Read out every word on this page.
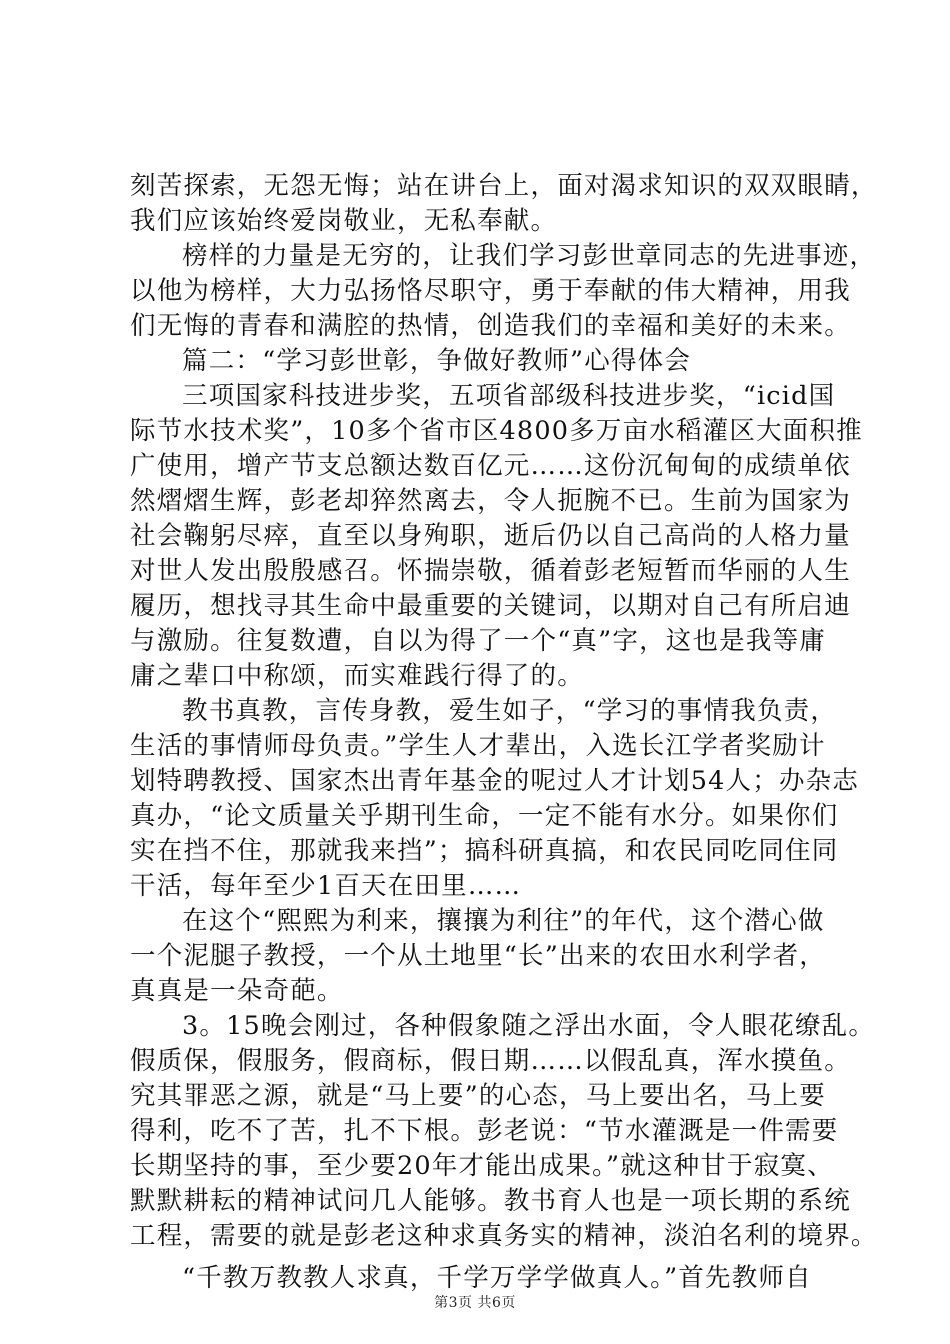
刻苦探索，无怨无悔；站在讲台上，面对渴求知识的双双眼睛，
我们应该始终爱岗敬业，无私奉献。
榜样的力量是无穷的，让我们学习彭世章同志的先进事迹，
以他为榜样，大力弘扬恪尽职守，勇于奉献的伟大精神，用我
们无悔的青春和满腔的热情，创造我们的幸福和美好的未来。
篇二：“学习彭世彰，争做好教师”心得体会
三项国家科技进步奖，五项省部级科技进步奖，“icid国
际节水技术奖”，10多个省市区4800多万亩水稻灌区大面积推
广使用，增产节支总额达数百亿元……这份沉甸甸的成绩单依
然熠熠生辉，彭老却猝然离去，令人扼腕不已。生前为国家为
社会鞠躬尽瘁，直至以身殉职，逝后仍以自己高尚的人格力量
对世人发出殷殷感召。怀揣崇敬，循着彭老短暂而华丽的人生
履历，想找寻其生命中最重要的关键词，以期对自己有所启迪
与激励。往复数遭，自以为得了一个“真”字，这也是我等庸
庸之辈口中称颂，而实难践行得了的。
教书真教，言传身教，爱生如子，“学习的事情我负责，
生活的事情师母负责。”学生人才辈出，入选长江学者奖励计
划特聘教授、国家杰出青年基金的呢过人才计划54人；办杂志
真办，“论文质量关乎期刊生命，一定不能有水分。如果你们
实在挡不住，那就我来挡”；搞科研真搞，和农民同吃同住同
干活，每年至少1百天在田里……
在这个“熙熙为利来，攘攘为利往”的年代，这个潜心做
一个泥腿子教授，一个从土地里“长”出来的农田水利学者，
真真是一朵奇葩。
3。15晚会刚过，各种假象随之浮出水面，令人眼花缭乱。
假质保，假服务，假商标，假日期……以假乱真，浑水摸鱼。
究其罪恶之源，就是“马上要”的心态，马上要出名，马上要
得利，吃不了苦，扎不下根。彭老说：“节水灌溉是一件需要
长期坚持的事，至少要20年才能出成果。”就这种甘于寂寞、
默默耕耘的精神试问几人能够。教书育人也是一项长期的系统
工程，需要的就是彭老这种求真务实的精神，淡泊名利的境界。
“千教万教教人求真，千学万学学做真人。”首先教师自
第3页 共6页
